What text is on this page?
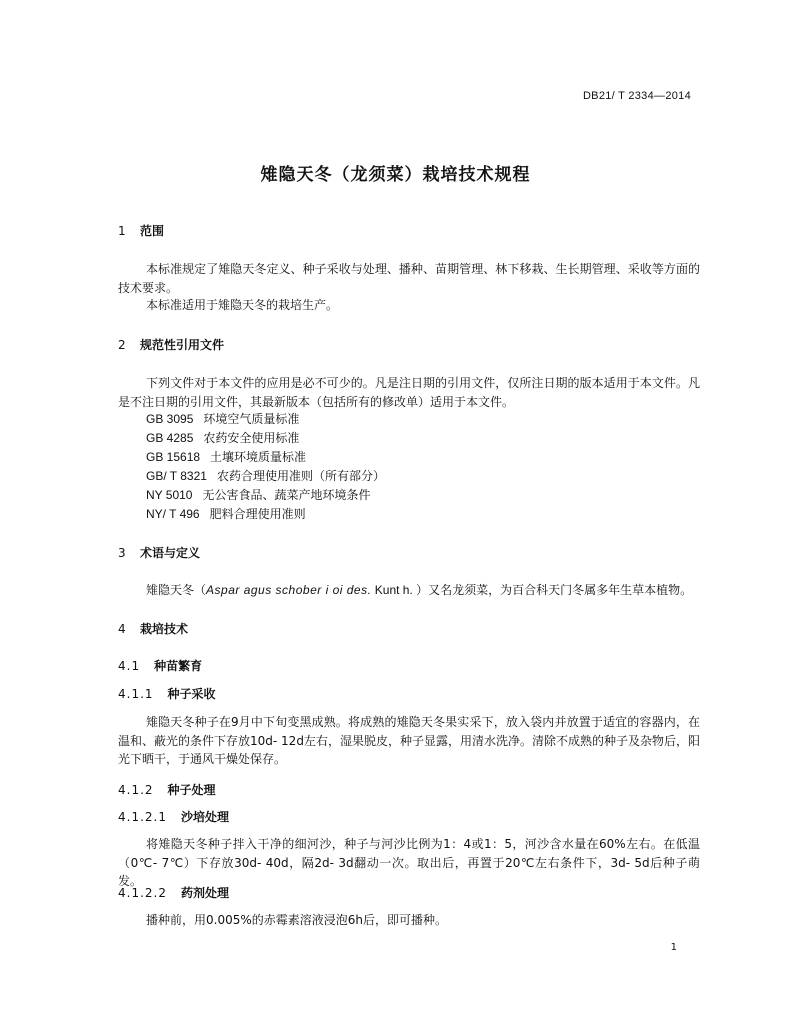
DB21/ T 2334—2014
雉隐天冬（龙须菜）栽培技术规程
1 范围
本标准规定了雉隐天冬定义、种子采收与处理、播种、苗期管理、林下移栽、生长期管理、采收等方面的技术要求。
本标准适用于雉隐天冬的栽培生产。
2 规范性引用文件
下列文件对于本文件的应用是必不可少的。凡是注日期的引用文件，仅所注日期的版本适用于本文件。凡是不注日期的引用文件，其最新版本（包括所有的修改单）适用于本文件。
GB 3095 环境空气质量标准
GB 4285 农药安全使用标准
GB 15618 土壤环境质量标准
GB/ T 8321 农药合理使用准则（所有部分）
NY 5010 无公害食品、蔬菜产地环境条件
NY/ T 496 肥料合理使用准则
3 术语与定义
雉隐天冬（Aspar agus schober i oi des. Kunt h. ）又名龙须菜，为百合科天门冬属多年生草本植物。
4 栽培技术
4.1 种苗繁育
4.1.1 种子采收
雉隐天冬种子在9月中下旬变黑成熟。将成熟的雉隐天冬果实采下，放入袋内并放置于适宜的容器内，在温和、蔽光的条件下存放10d- 12d左右，湿果脱皮，种子显露，用清水洗净。清除不成熟的种子及杂物后，阳光下晒干，于通风干燥处保存。
4.1.2 种子处理
4.1.2.1 沙培处理
将雉隐天冬种子拌入干净的细河沙，种子与河沙比例为1：4或1：5，河沙含水量在60%左右。在低温（0℃- 7℃）下存放30d- 40d，隔2d- 3d翻动一次。取出后，再置于20℃左右条件下，3d- 5d后种子萌发。
4.1.2.2 药剂处理
播种前，用0.005%的赤霉素溶液浸泡6h后，即可播种。
1
